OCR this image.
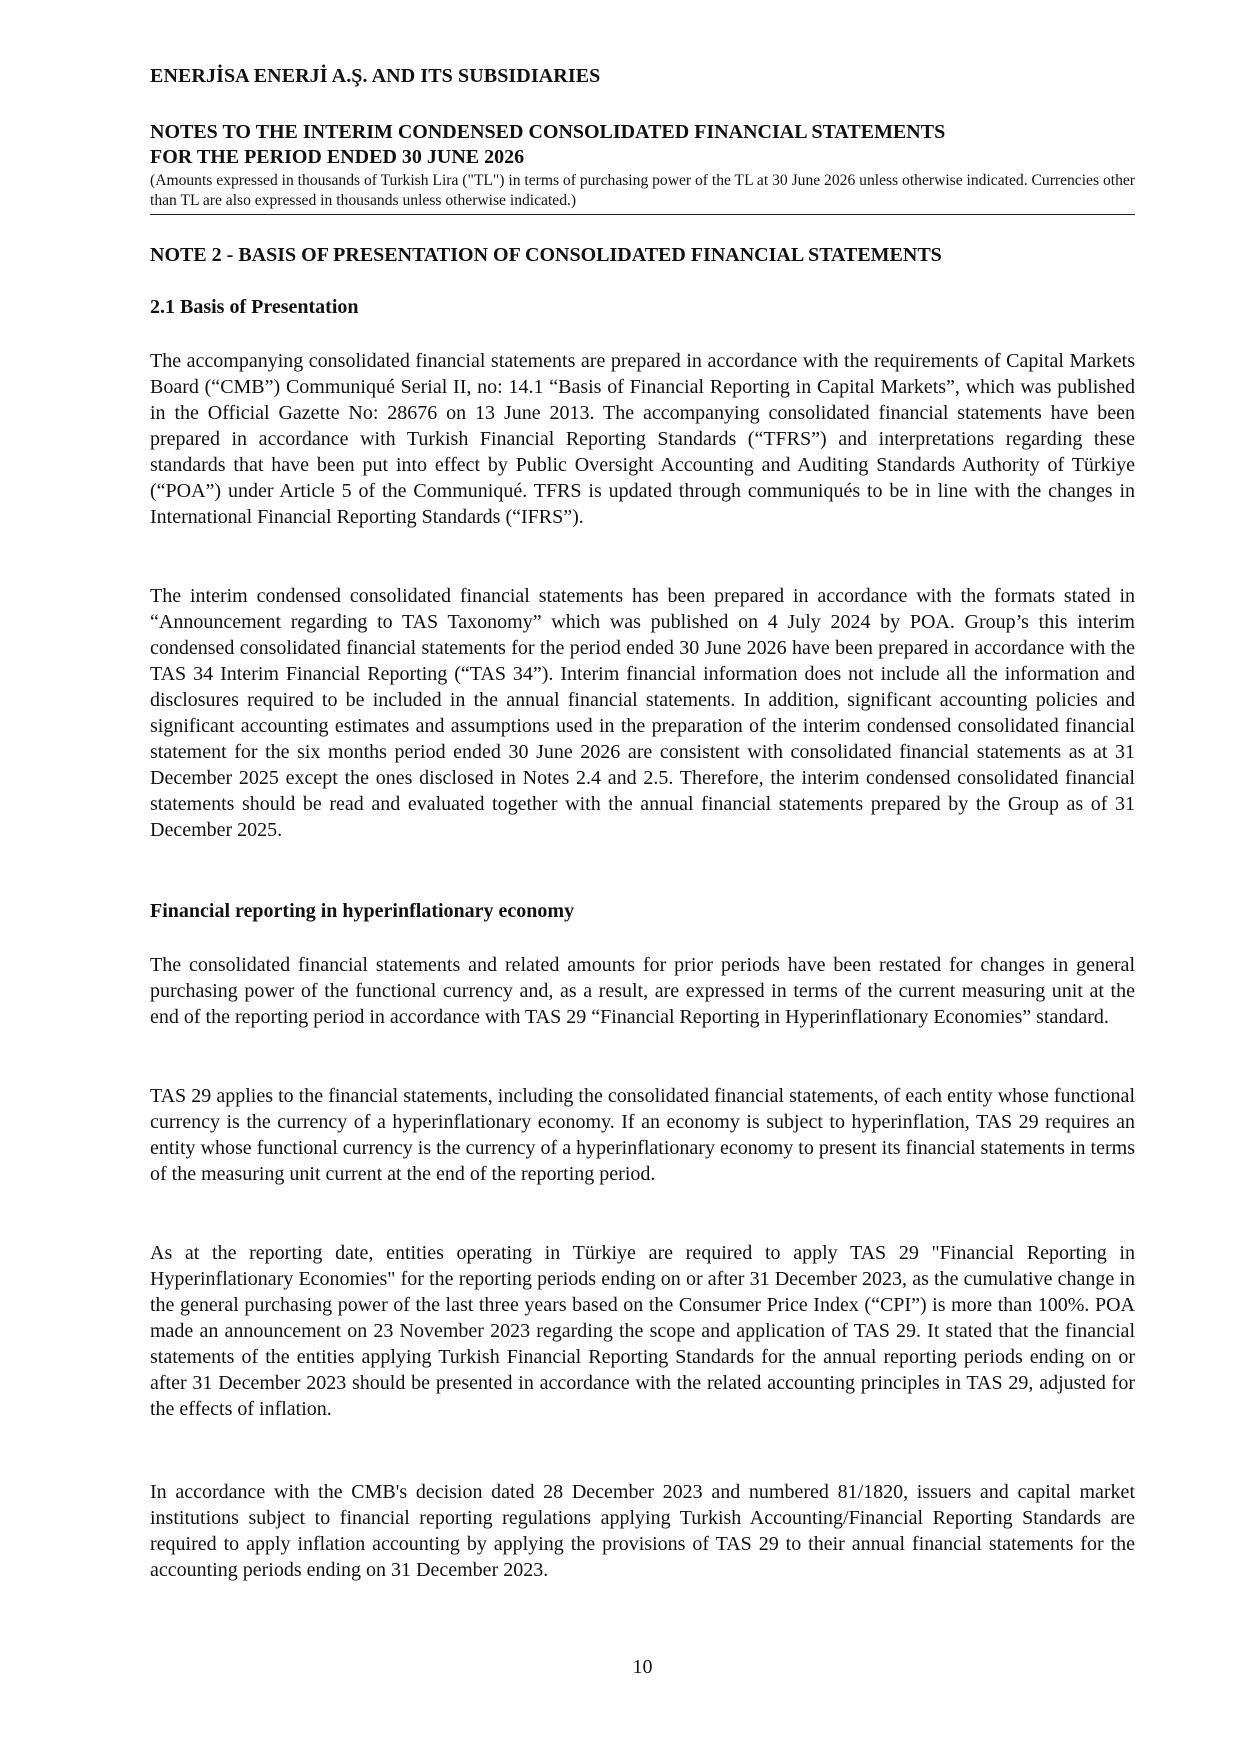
ENERJİSA ENERJİ A.Ş. AND ITS SUBSIDIARIES
NOTES TO THE INTERIM CONDENSED CONSOLIDATED FINANCIAL STATEMENTS
FOR THE PERIOD ENDED 30 JUNE 2026
(Amounts expressed in thousands of Turkish Lira ("TL") in terms of purchasing power of the TL at 30 June 2026 unless otherwise indicated. Currencies other than TL are also expressed in thousands unless otherwise indicated.)
NOTE 2 - BASIS OF PRESENTATION OF CONSOLIDATED FINANCIAL STATEMENTS
2.1 Basis of Presentation

The accompanying consolidated financial statements are prepared in accordance with the requirements of Capital Markets Board (“CMB”) Communiqué Serial II, no: 14.1 “Basis of Financial Reporting in Capital Markets”, which was published in the Official Gazette No: 28676 on 13 June 2013. The accompanying consolidated financial statements have been prepared in accordance with Turkish Financial Reporting Standards (“TFRS”) and interpretations regarding these standards that have been put into effect by Public Oversight Accounting and Auditing Standards Authority of Türkiye (“POA”) under Article 5 of the Communiqué. TFRS is updated through communiqués to be in line with the changes in International Financial Reporting Standards (“IFRS”).

The interim condensed consolidated financial statements has been prepared in accordance with the formats stated in “Announcement regarding to TAS Taxonomy” which was published on 4 July 2024 by POA. Group’s this interim condensed consolidated financial statements for the period ended 30 June 2026 have been prepared in accordance with the TAS 34 Interim Financial Reporting (“TAS 34”). Interim financial information does not include all the information and disclosures required to be included in the annual financial statements. In addition, significant accounting policies and significant accounting estimates and assumptions used in the preparation of the interim condensed consolidated financial statement for the six months period ended 30 June 2026 are consistent with consolidated financial statements as at 31 December 2025 except the ones disclosed in Notes 2.4 and 2.5. Therefore, the interim condensed consolidated financial statements should be read and evaluated together with the annual financial statements prepared by the Group as of 31 December 2025.

Financial reporting in hyperinflationary economy

The consolidated financial statements and related amounts for prior periods have been restated for changes in general purchasing power of the functional currency and, as a result, are expressed in terms of the current measuring unit at the end of the reporting period in accordance with TAS 29 “Financial Reporting in Hyperinflationary Economies” standard.

TAS 29 applies to the financial statements, including the consolidated financial statements, of each entity whose functional currency is the currency of a hyperinflationary economy. If an economy is subject to hyperinflation, TAS 29 requires an entity whose functional currency is the currency of a hyperinflationary economy to present its financial statements in terms of the measuring unit current at the end of the reporting period.

As at the reporting date, entities operating in Türkiye are required to apply TAS 29 "Financial Reporting in Hyperinflationary Economies" for the reporting periods ending on or after 31 December 2023, as the cumulative change in the general purchasing power of the last three years based on the Consumer Price Index (“CPI”) is more than 100%. POA made an announcement on 23 November 2023 regarding the scope and application of TAS 29. It stated that the financial statements of the entities applying Turkish Financial Reporting Standards for the annual reporting periods ending on or after 31 December 2023 should be presented in accordance with the related accounting principles in TAS 29, adjusted for the effects of inflation.

In accordance with the CMB's decision dated 28 December 2023 and numbered 81/1820, issuers and capital market institutions subject to financial reporting regulations applying Turkish Accounting/Financial Reporting Standards are required to apply inflation accounting by applying the provisions of TAS 29 to their annual financial statements for the accounting periods ending on 31 December 2023.

10
